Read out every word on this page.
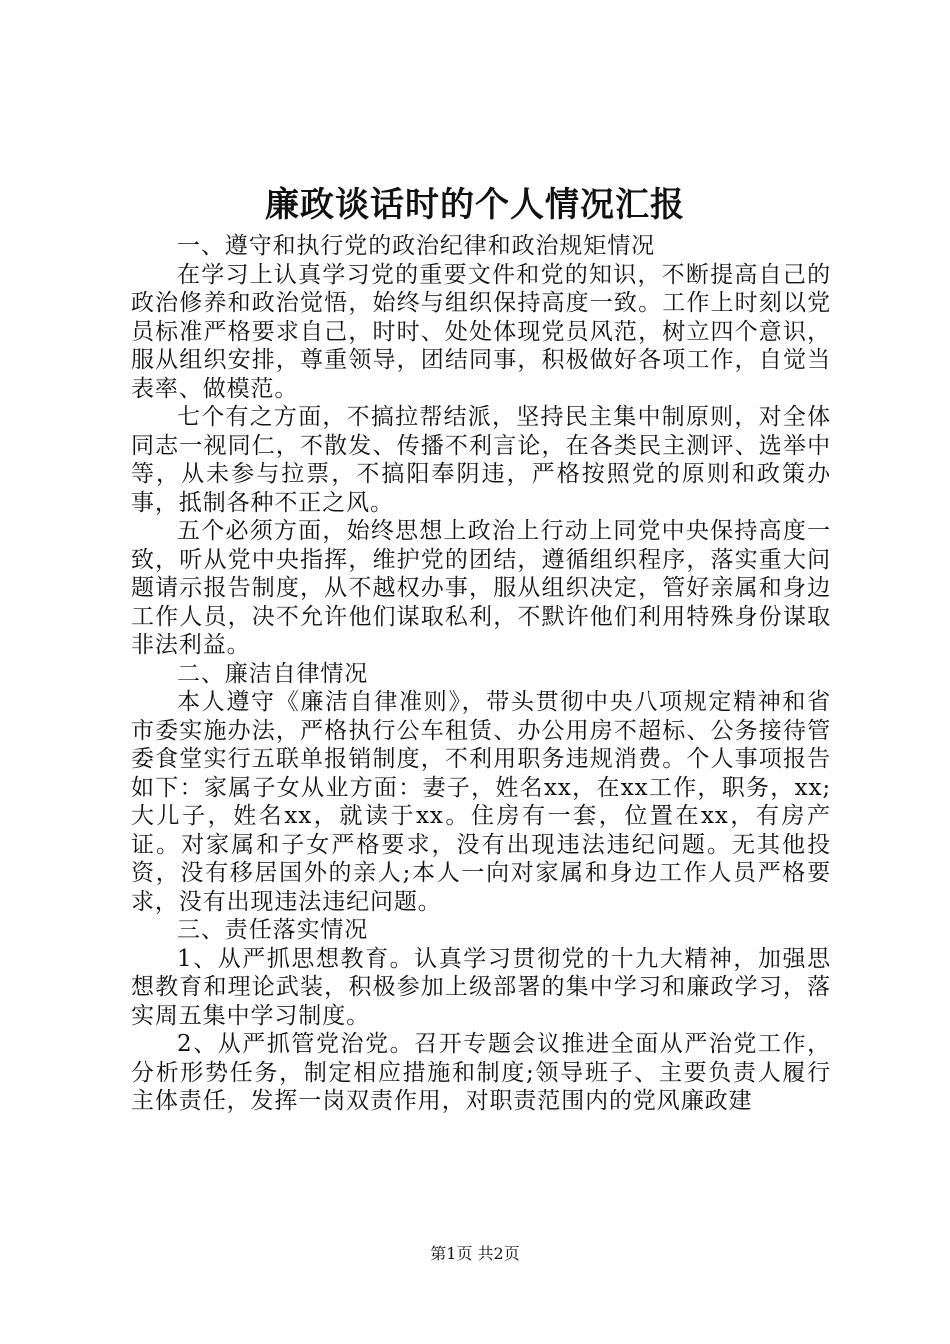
廉政谈话时的个人情况汇报

一、遵守和执行党的政治纪律和政治规矩情况

在学习上认真学习党的重要文件和党的知识，不断提高自己的政治修养和政治觉悟，始终与组织保持高度一致。工作上时刻以党员标准严格要求自己，时时、处处体现党员风范，树立四个意识，服从组织安排，尊重领导，团结同事，积极做好各项工作，自觉当表率、做模范。

七个有之方面，不搞拉帮结派，坚持民主集中制原则，对全体同志一视同仁，不散发、传播不利言论，在各类民主测评、选举中等，从未参与拉票，不搞阳奉阴违，严格按照党的原则和政策办事，抵制各种不正之风。

五个必须方面，始终思想上政治上行动上同党中央保持高度一致，听从党中央指挥，维护党的团结，遵循组织程序，落实重大问题请示报告制度，从不越权办事，服从组织决定，管好亲属和身边工作人员，决不允许他们谋取私利，不默许他们利用特殊身份谋取非法利益。

二、廉洁自律情况

本人遵守《廉洁自律准则》，带头贯彻中央八项规定精神和省市委实施办法，严格执行公车租赁、办公用房不超标、公务接待管委食堂实行五联单报销制度，不利用职务违规消费。个人事项报告如下：家属子女从业方面：妻子，姓名xx，在xx工作，职务，xx;大儿子，姓名xx，就读于xx。住房有一套，位置在xx，有房产证。对家属和子女严格要求，没有出现违法违纪问题。无其他投资，没有移居国外的亲人;本人一向对家属和身边工作人员严格要求，没有出现违法违纪问题。

三、责任落实情况

1、从严抓思想教育。认真学习贯彻党的十九大精神，加强思想教育和理论武装，积极参加上级部署的集中学习和廉政学习，落实周五集中学习制度。

2、从严抓管党治党。召开专题会议推进全面从严治党工作，分析形势任务，制定相应措施和制度;领导班子、主要负责人履行主体责任，发挥一岗双责作用，对职责范围内的党风廉政建

第1页 共2页
